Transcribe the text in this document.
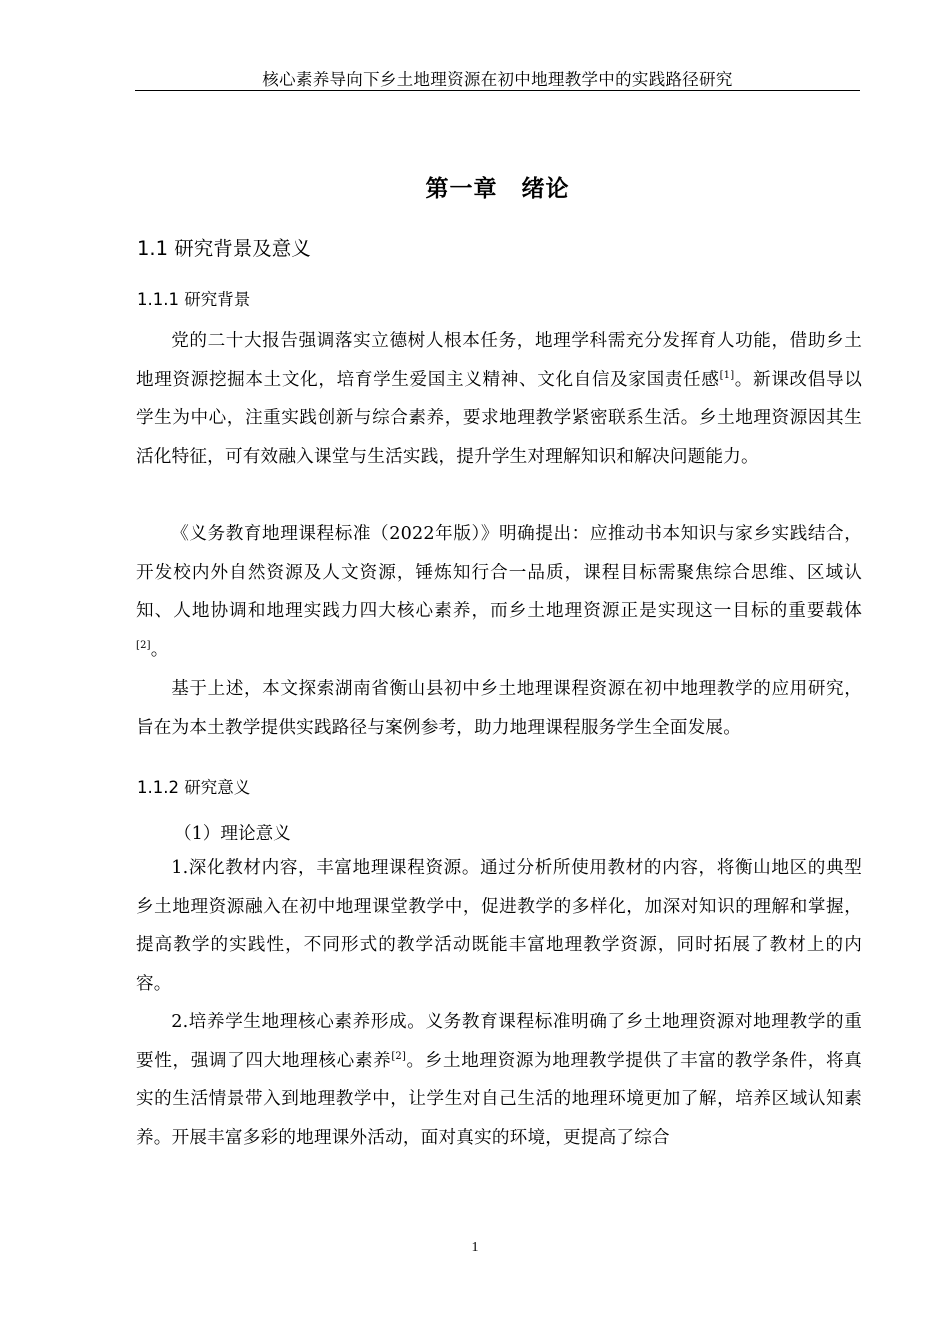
核心素养导向下乡土地理资源在初中地理教学中的实践路径研究
第一章　绪论
1.1 研究背景及意义
1.1.1 研究背景
党的二十大报告强调落实立德树人根本任务，地理学科需充分发挥育人功能，借助乡土地理资源挖掘本土文化，培育学生爱国主义精神、文化自信及家国责任感[1]。新课改倡导以学生为中心，注重实践创新与综合素养，要求地理教学紧密联系生活。乡土地理资源因其生活化特征，可有效融入课堂与生活实践，提升学生对理解知识和解决问题能力。
《义务教育地理课程标准（2022年版）》明确提出：应推动书本知识与家乡实践结合，开发校内外自然资源及人文资源，锤炼知行合一品质，课程目标需聚焦综合思维、区域认知、人地协调和地理实践力四大核心素养，而乡土地理资源正是实现这一目标的重要载体[2]。
基于上述，本文探索湖南省衡山县初中乡土地理课程资源在初中地理教学的应用研究，旨在为本土教学提供实践路径与案例参考，助力地理课程服务学生全面发展。
1.1.2 研究意义
（1）理论意义
1.深化教材内容，丰富地理课程资源。通过分析所使用教材的内容，将衡山地区的典型乡土地理资源融入在初中地理课堂教学中，促进教学的多样化，加深对知识的理解和掌握，提高教学的实践性，不同形式的教学活动既能丰富地理教学资源，同时拓展了教材上的内容。
2.培养学生地理核心素养形成。义务教育课程标准明确了乡土地理资源对地理教学的重要性，强调了四大地理核心素养[2]。乡土地理资源为地理教学提供了丰富的教学条件，将真实的生活情景带入到地理教学中，让学生对自己生活的地理环境更加了解，培养区域认知素养。开展丰富多彩的地理课外活动，面对真实的环境，更提高了综合
1
